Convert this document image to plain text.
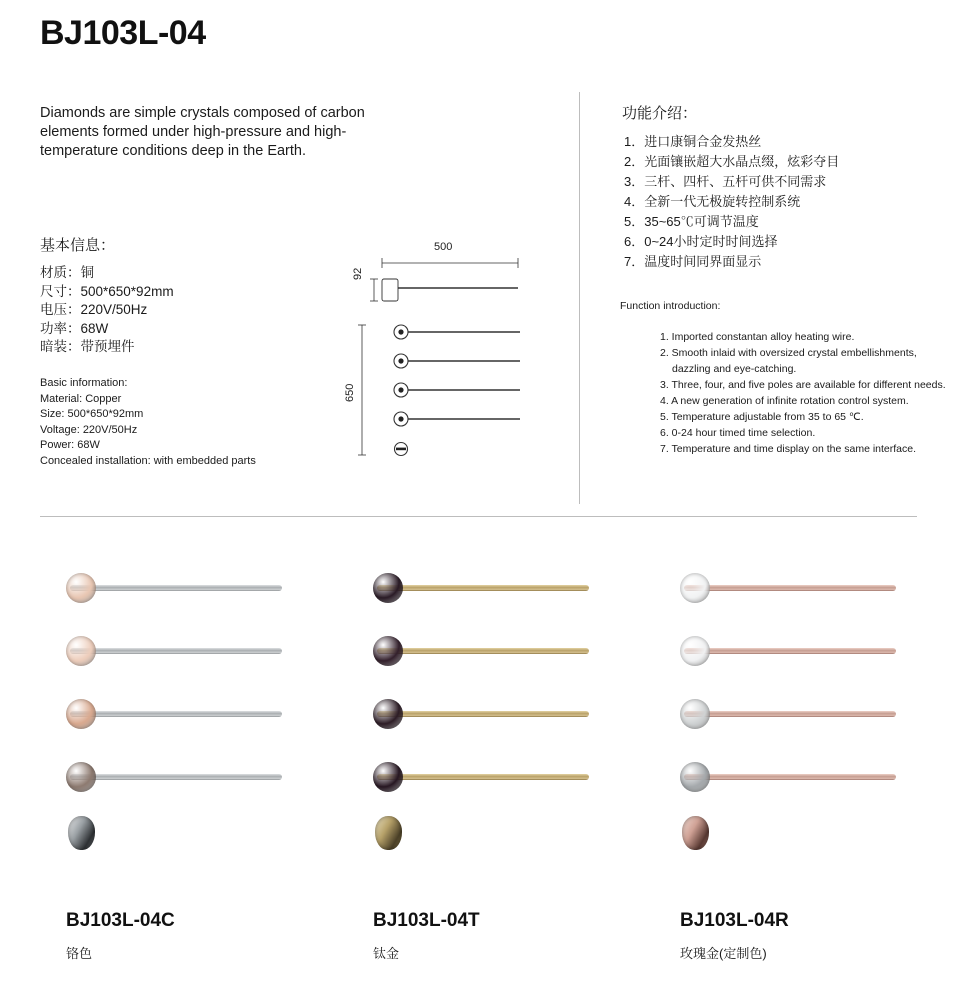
BJ103L-04
Diamonds are simple crystals composed of carbon elements formed under high-pressure and high-temperature conditions deep in the Earth.
基本信息：
材质：铜
尺寸：500*650*92mm
电压：220V/50Hz
功率：68W
暗装：带预埋件
Basic information:
Material: Copper
Size: 500*650*92mm
Voltage: 220V/50Hz
Power: 68W
Concealed installation: with embedded parts
500
92
650
功能介绍：
1．进口康铜合金发热丝
2．光面镶嵌超大水晶点缀，炫彩夺目
3．三杆、四杆、五杆可供不同需求
4．全新一代无极旋转控制系统
5．35~65℃可调节温度
6．0~24小时定时时间选择
7．温度时间同界面显示
Function introduction:
1. Imported constantan alloy heating wire.
2. Smooth inlaid with oversized crystal embellishments,
dazzling and eye-catching.
3. Three, four, and five poles are available for different needs.
4. A new generation of infinite rotation control system.
5. Temperature adjustable from 35 to 65 ℃.
6. 0-24 hour timed time selection.
7. Temperature and time display on the same interface.
BJ103L-04C
铬色
BJ103L-04T
钛金
BJ103L-04R
玫瑰金(定制色)
